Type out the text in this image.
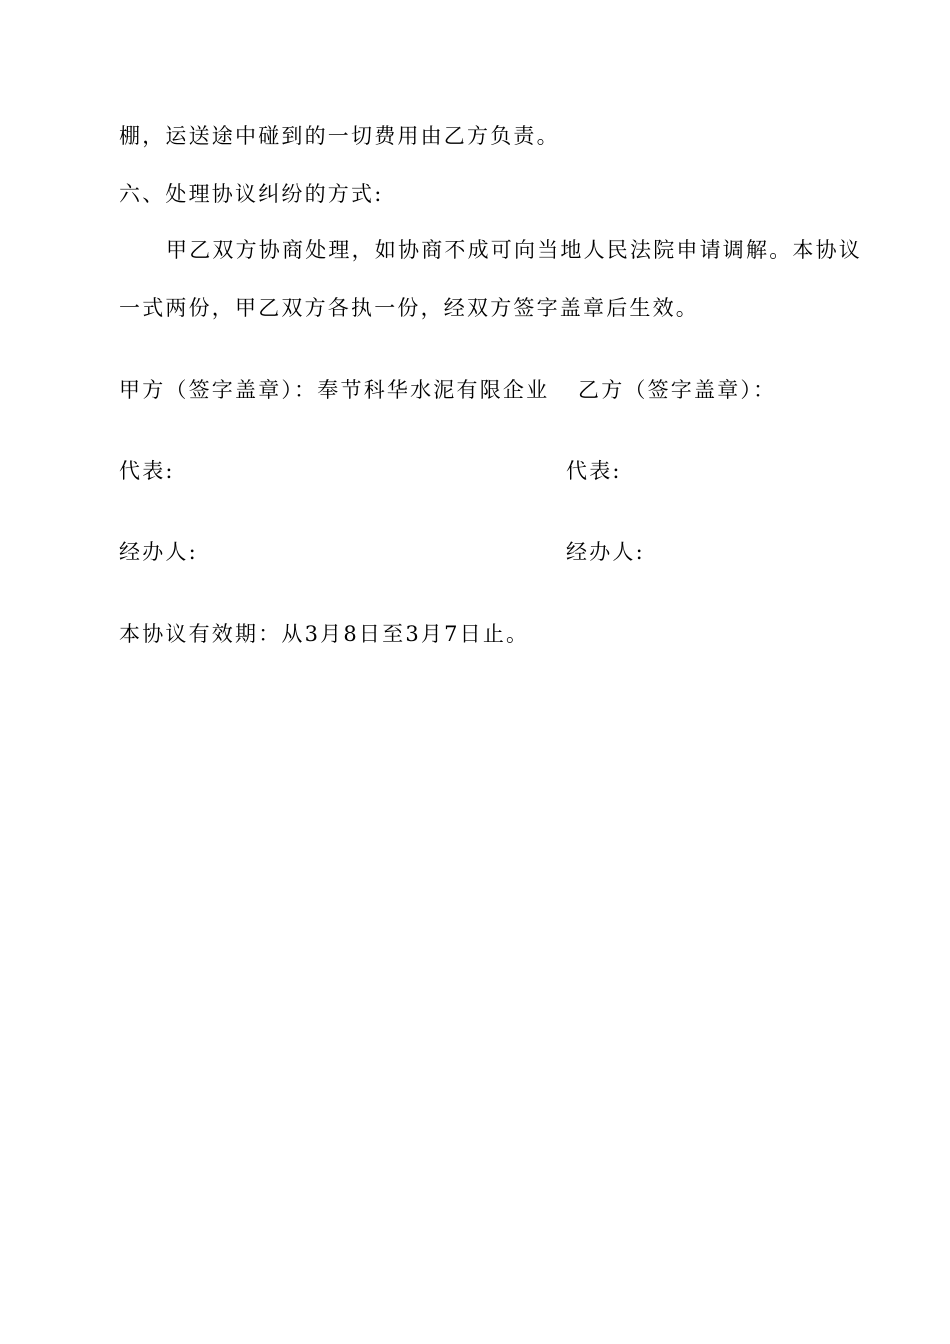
棚，运送途中碰到的一切费用由乙方负责。
六、处理协议纠纷的方式:
甲乙双方协商处理，如协商不成可向当地人民法院申请调解。本协议
一式两份，甲乙双方各执一份，经双方签字盖章后生效。
甲方（签字盖章）：奉节科华水泥有限企业 乙方（签字盖章）：
代表:	代表:
经办人:	经办人:
本协议有效期：从3月8日至3月7日止。
